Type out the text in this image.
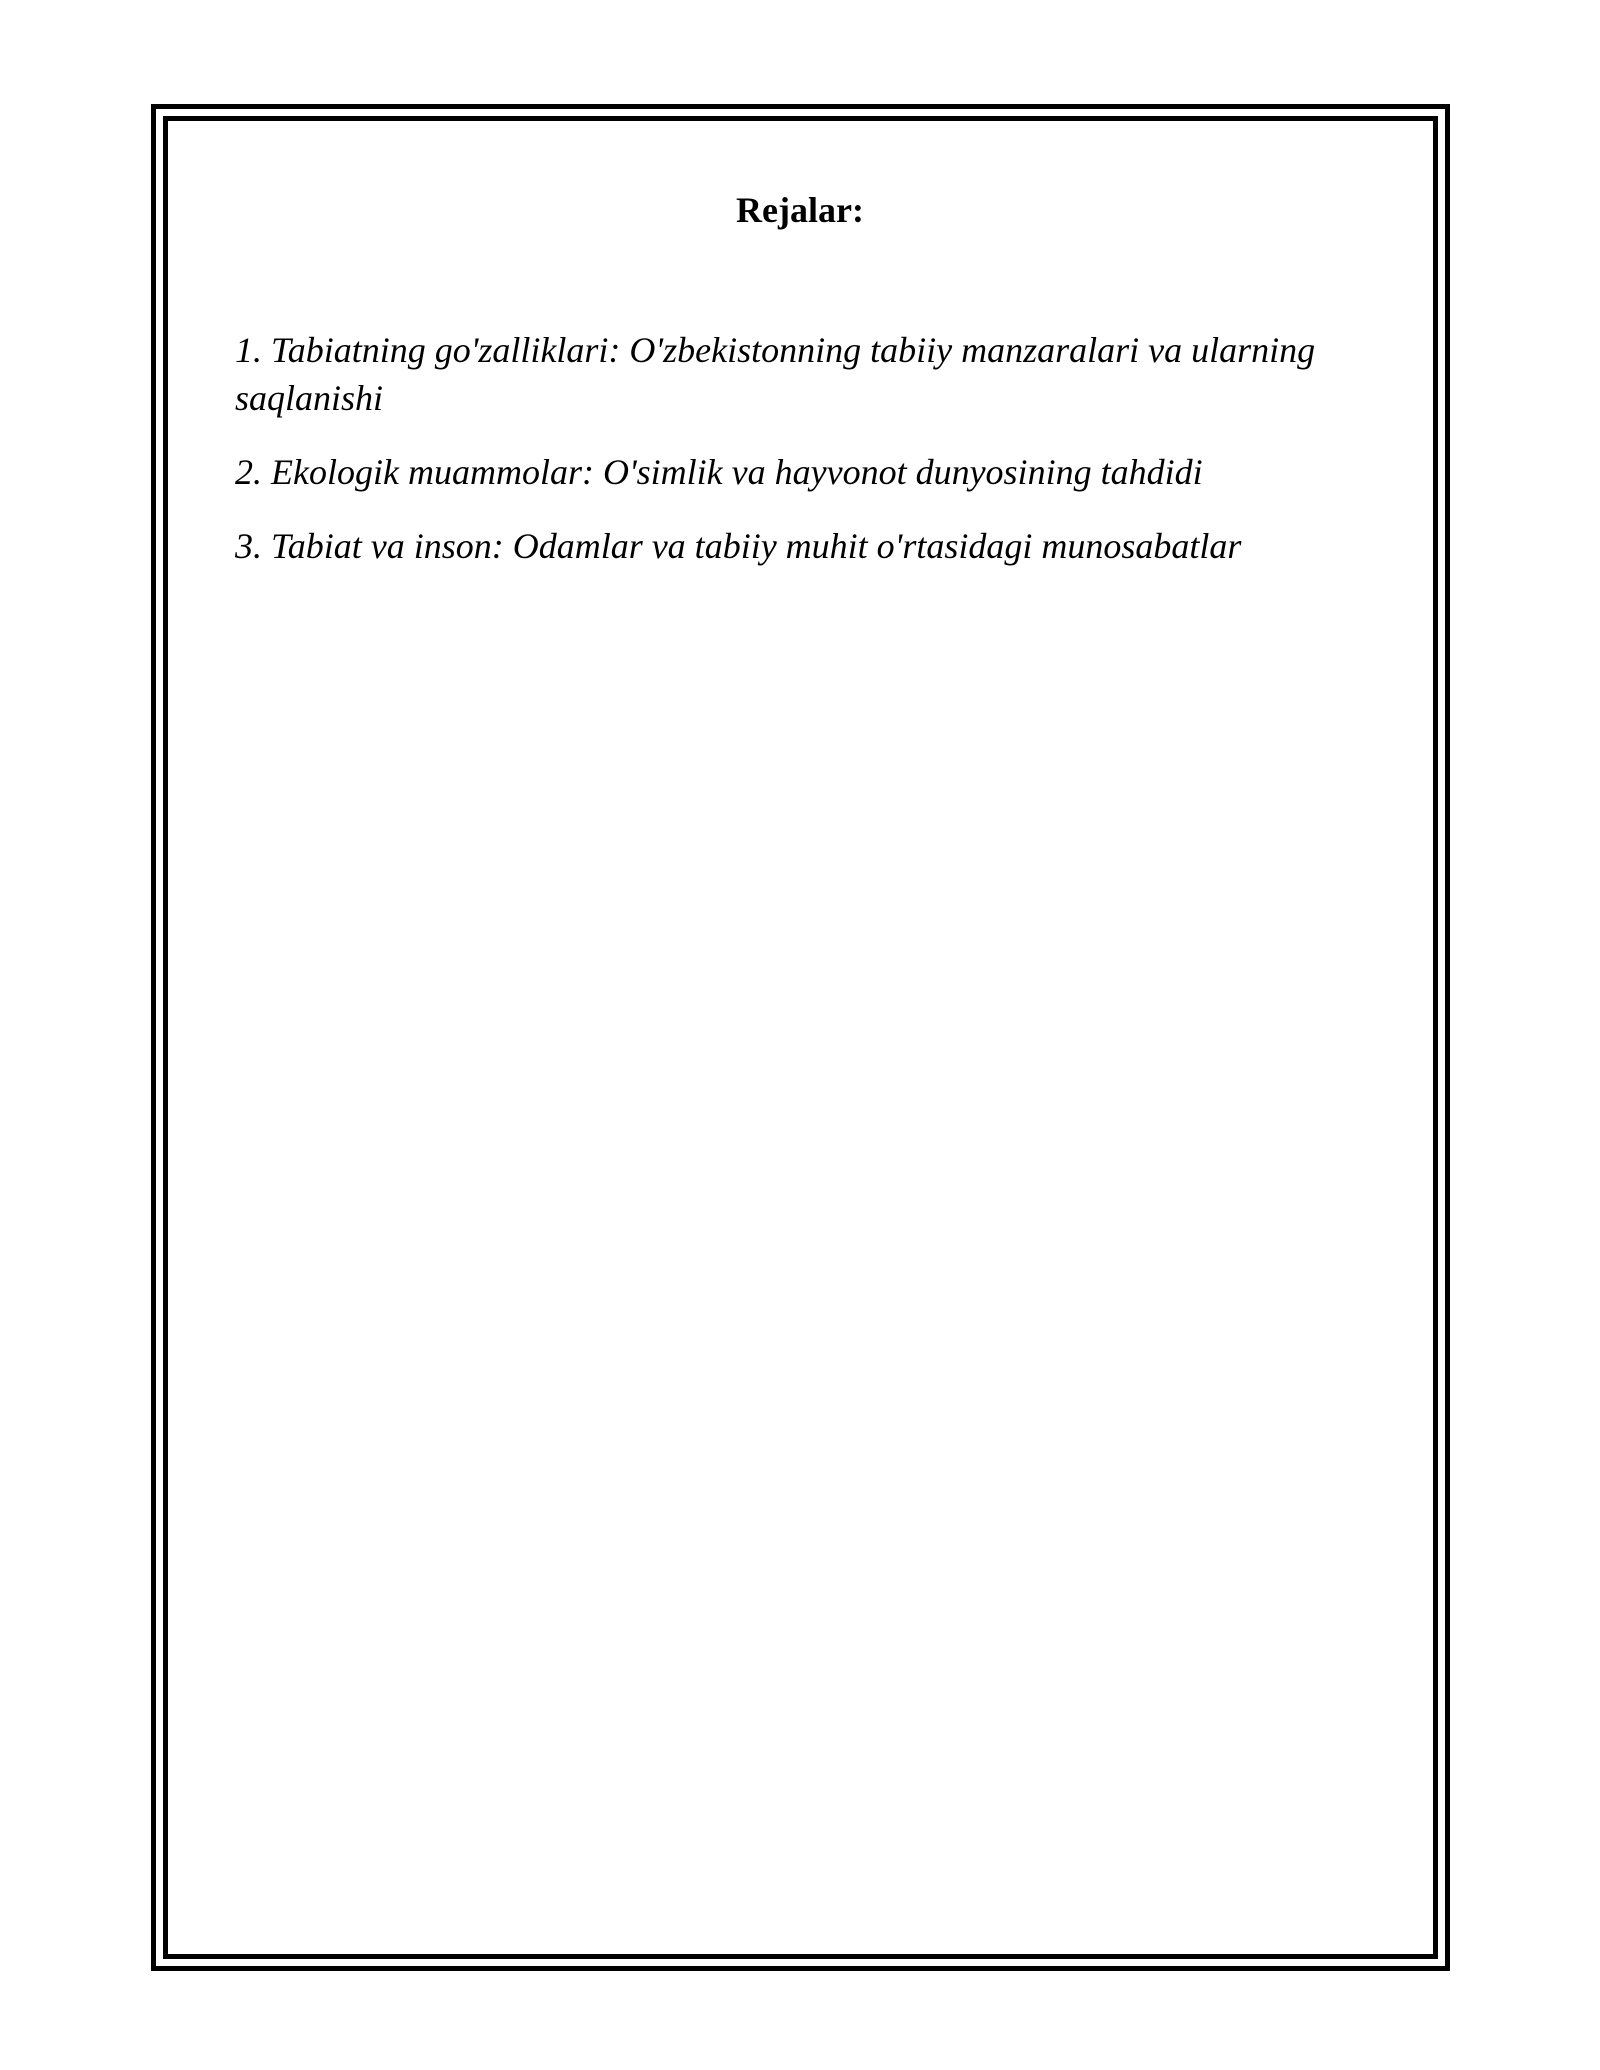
Rejalar:
1. Tabiatning go'zalliklari: O'zbekistonning tabiiy manzaralari va ularning saqlanishi
2. Ekologik muammolar: O'simlik va hayvonot dunyosining tahdidi
3. Tabiat va inson: Odamlar va tabiiy muhit o'rtasidagi munosabatlar
